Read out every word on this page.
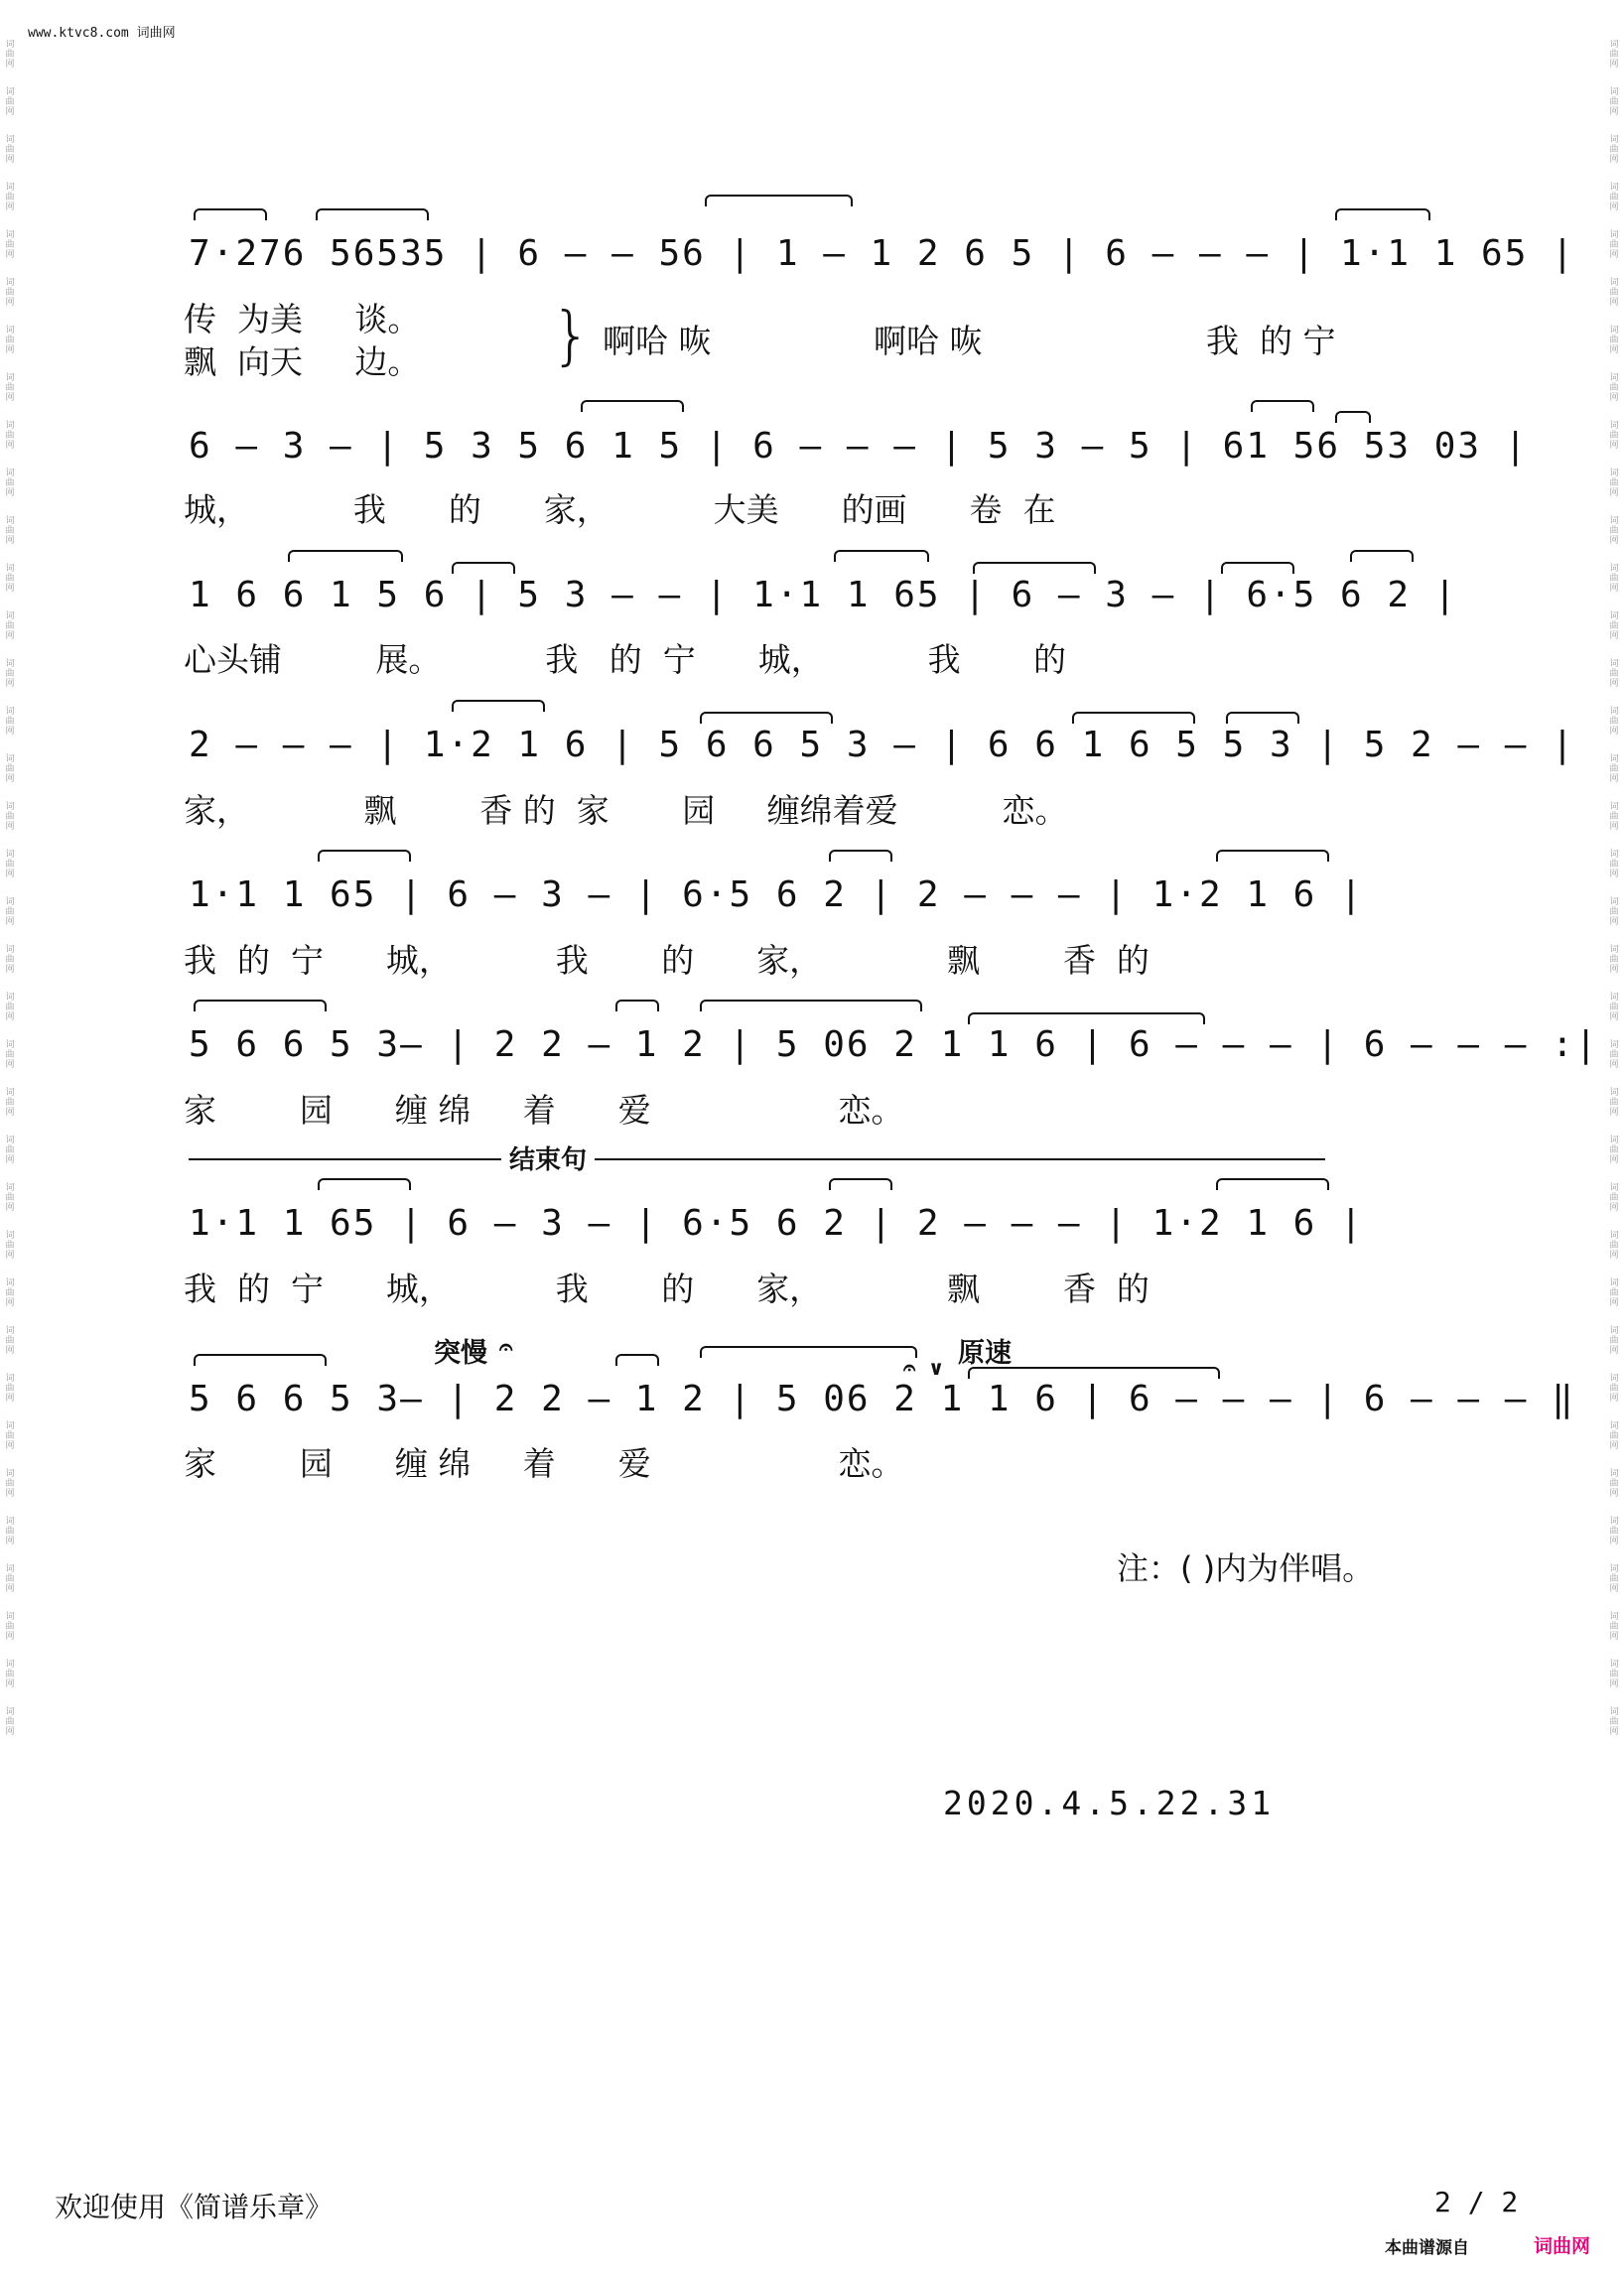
www.ktvc8.com 词曲网
词曲网
词曲网
词曲网
词曲网
词曲网
词曲网
词曲网
词曲网
词曲网
词曲网
词曲网
词曲网
词曲网
词曲网
词曲网
词曲网
词曲网
词曲网
词曲网
词曲网
词曲网
词曲网
词曲网
词曲网
词曲网
词曲网
词曲网
词曲网
词曲网
词曲网
词曲网
词曲网
词曲网
词曲网
词曲网
词曲网
词曲网
词曲网
词曲网
词曲网
词曲网
词曲网
词曲网
词曲网
词曲网
词曲网
词曲网
词曲网
词曲网
词曲网
词曲网
词曲网
词曲网
词曲网
词曲网
词曲网
词曲网
词曲网
词曲网
词曲网
词曲网
词曲网
词曲网
词曲网
词曲网
词曲网
词曲网
词曲网
词曲网
词曲网
词曲网
词曲网
7·276 56535 | 6 — — 56 | 1 — 1 2 6 5 | 6 — — — | 1·1 1 65 |
传  为美     谈。
飘  向天     边。 } 啊哈 咴	啊哈 咴	我  的 宁
6 — 3 — | 5 3 5 6 1 5 | 6 — — — | 5 3 — 5 | 61 56 53 03 |
城，          我      的      家，          大美      的画      卷  在
1 6 6 1 5 6 | 5 3 — — | 1·1 1 65 | 6 — 3 — | 6·5 6 2 |
心头铺         展。          我   的  宁      城，          我       的
2 — — — | 1·2 1 6 | 5 6 6 5 3 — | 6 6 1 6 5 5 3 | 5 2 — — |
家，           飘        香 的  家       园     缠绵着爱          恋。
1·1 1 65 | 6 — 3 — | 6·5 6 2 | 2 — — — | 1·2 1 6 |
我  的  宁      城，          我       的      家，            飘        香  的
5 6 6 5 3— | 2 2 — 1 2 | 5 06 2 1 1 6 | 6 — — — | 6 — — — :|
家        园      缠 绵     着      爱                  恋。
结束句
1·1 1 65 | 6 — 3 — | 6·5 6 2 | 2 — — — | 1·2 1 6 |
我  的  宁      城，          我       的      家，            飘        香  的
突慢 𝄐	原速
𝄐 ∨
5 6 6 5 3— | 2 2 — 1 2 | 5 06 2 1 1 6 | 6 — — — | 6 — — — ‖
家        园      缠 绵     着      爱                  恋。
注：( )内为伴唱。
2020.4.5.22.31
欢迎使用《简谱乐章》	2 / 2
本曲谱源自	词曲网
